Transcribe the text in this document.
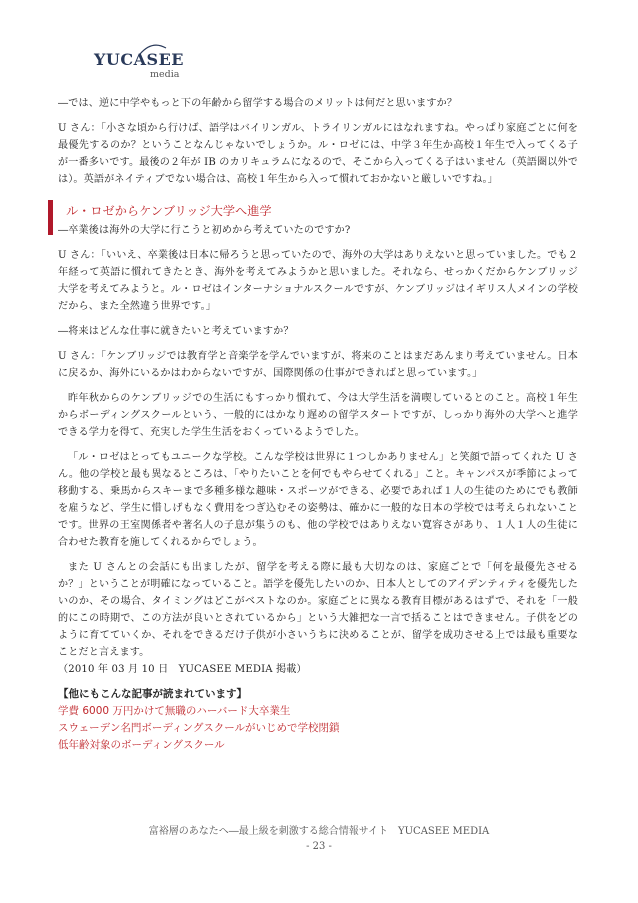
YUCASEE
media

―では、逆に中学やもっと下の年齢から留学する場合のメリットは何だと思いますか？

U さん：「小さな頃から行けば、語学はバイリンガル、トライリンガルにはなれますね。やっぱり家庭ごとに何を最優先するのか？ということなんじゃないでしょうか。ル・ロゼには、中学３年生か高校１年生で入ってくる子が一番多いです。最後の２年が IB のカリキュラムになるので、そこから入ってくる子はいません（英語圏以外では）。英語がネイティブでない場合は、高校１年生から入って慣れておかないと厳しいですね。」

ル・ロゼからケンブリッジ大学へ進学

―卒業後は海外の大学に行こうと初めから考えていたのですか?

U さん：「いいえ、卒業後は日本に帰ろうと思っていたので、海外の大学はありえないと思っていました。でも２年経って英語に慣れてきたとき、海外を考えてみようかと思いました。それなら、せっかくだからケンブリッジ大学を考えてみようと。ル・ロゼはインターナショナルスクールですが、ケンブリッジはイギリス人メインの学校だから、また全然違う世界です。」

―将来はどんな仕事に就きたいと考えていますか？

U さん：「ケンブリッジでは教育学と音楽学を学んでいますが、将来のことはまだあんまり考えていません。日本に戻るか、海外にいるかはわからないですが、国際関係の仕事ができればと思っています。」

昨年秋からのケンブリッジでの生活にもすっかり慣れて、今は大学生活を満喫しているとのこと。高校１年生からボーディングスクールという、一般的にはかなり遅めの留学スタートですが、しっかり海外の大学へと進学できる学力を得て、充実した学生生活をおくっているようでした。

「ル・ロゼはとってもユニークな学校。こんな学校は世界に１つしかありません」と笑顔で語ってくれた U さん。他の学校と最も異なるところは、「やりたいことを何でもやらせてくれる」こと。キャンパスが季節によって移動する、乗馬からスキーまで多種多様な趣味・スポーツができる、必要であれば１人の生徒のためにでも教師を雇うなど、学生に惜しげもなく費用をつぎ込むその姿勢は、確かに一般的な日本の学校では考えられないことです。世界の王室関係者や著名人の子息が集うのも、他の学校ではありえない寛容さがあり、１人１人の生徒に合わせた教育を施してくれるからでしょう。

また U さんとの会話にも出ましたが、留学を考える際に最も大切なのは、家庭ごとで「何を最優先させるか？」ということが明確になっていること。語学を優先したいのか、日本人としてのアイデンティティを優先したいのか、その場合、タイミングはどこがベストなのか。家庭ごとに異なる教育目標があるはずで、それを「一般的にこの時期で、この方法が良いとされているから」という大雑把な一言で括ることはできません。子供をどのように育てていくか、それをできるだけ子供が小さいうちに決めることが、留学を成功させる上では最も重要なことだと言えます。

（2010 年 03 月 10 日　YUCASEE MEDIA 掲載）

【他にもこんな記事が読まれています】

学費 6000 万円かけて無職のハーバード大卒業生
スウェーデン名門ボーディングスクールがいじめで学校閉鎖
低年齢対象のボーディングスクール
富裕層のあなたへ―最上級を刺激する総合情報サイト　YUCASEE MEDIA
- 23 -
